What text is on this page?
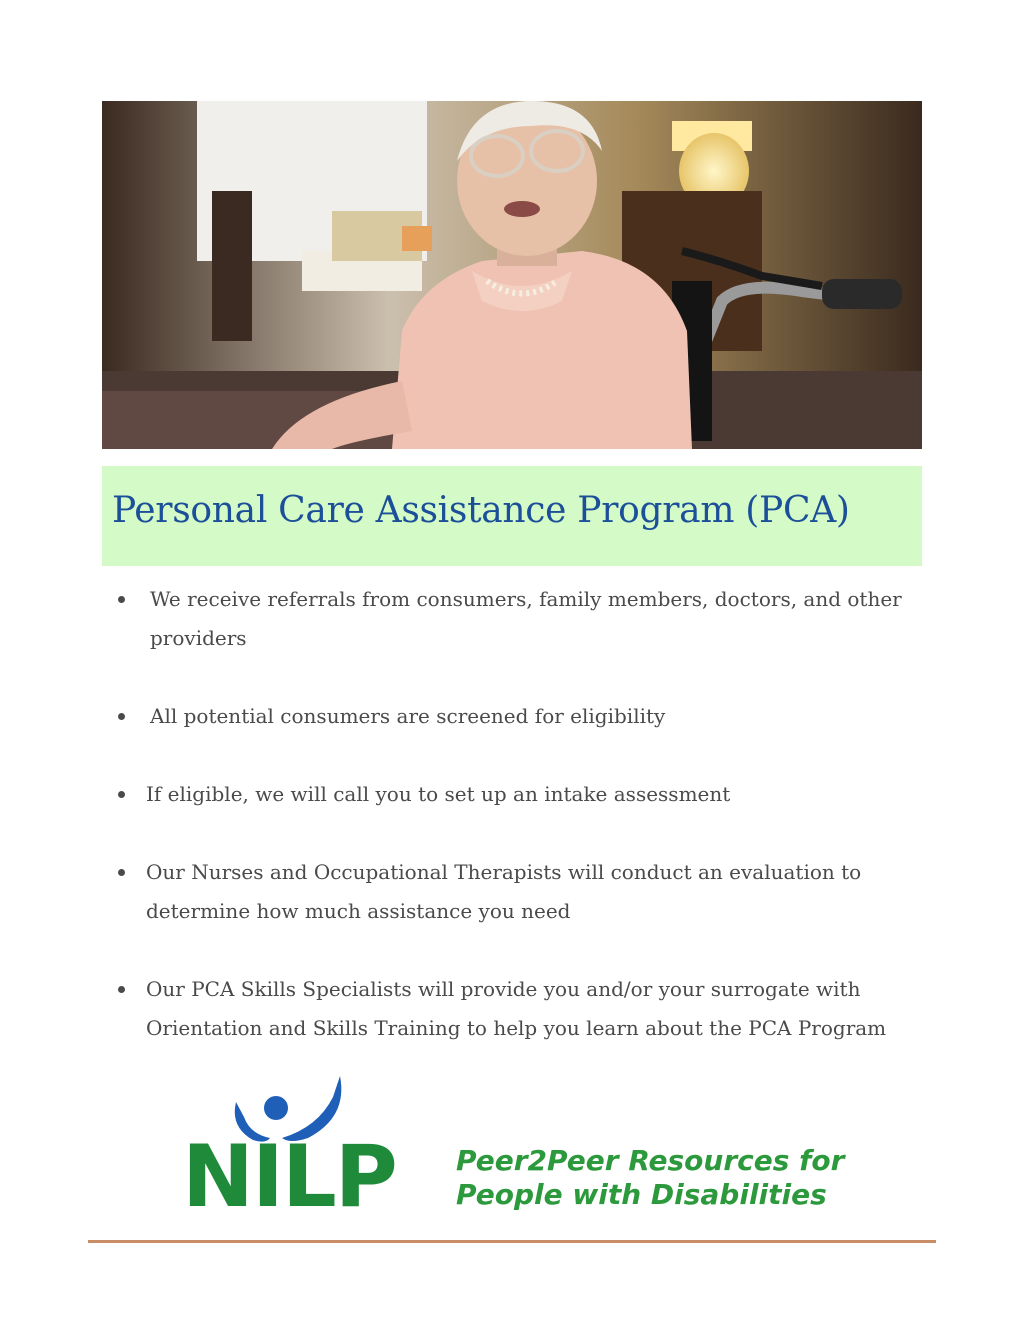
Personal Care Assistance Program (PCA)
We receive referrals from consumers, family members, doctors, and other providers
All potential consumers are screened for eligibility
If eligible, we will call you to set up an intake assessment
Our Nurses and Occupational Therapists will conduct an evaluation to determine how much assistance you need
Our PCA Skills Specialists will provide you and/or your surrogate with Orientation and Skills Training to help you learn about the PCA Program
NILP Peer2Peer Resources for
People with Disabilities
